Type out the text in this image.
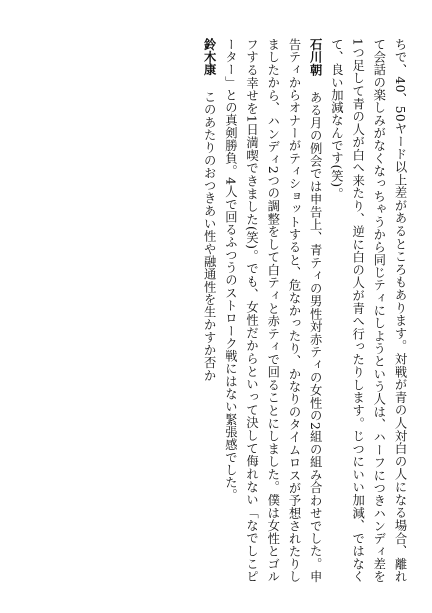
ちで、40、50ヤード以上差があるところもあります。対戦が青の人対白の人になる場合、離れて会話の楽しみがなくなっちゃうから同じティにしようという人は、ハーフにつきハンディ差を1つ足して青の人が白へ来たり、逆に白の人が青へ行ったりします。じつにいい加減、ではなくて、良い加減なんです(笑)。

石川朝ある月の例会では申告上、青ティの男性対赤ティの女性の2組の組み合わせでした。申告ティからオナーがティショットすると、危なかったり、かなりのタイムロスが予想されたりしましたから、ハンディ2つの調整をして白ティと赤ティで回ることにしました。僕は女性とゴルフする幸せを1日満喫できました(笑)。でも、女性だからといって決して侮れない「なでしこピーター」との真剣勝負。4人で回るふつうのストローク戦にはない緊張感でした。

鈴木康このあたりのおつきあい性や融通性を生かすか否か
